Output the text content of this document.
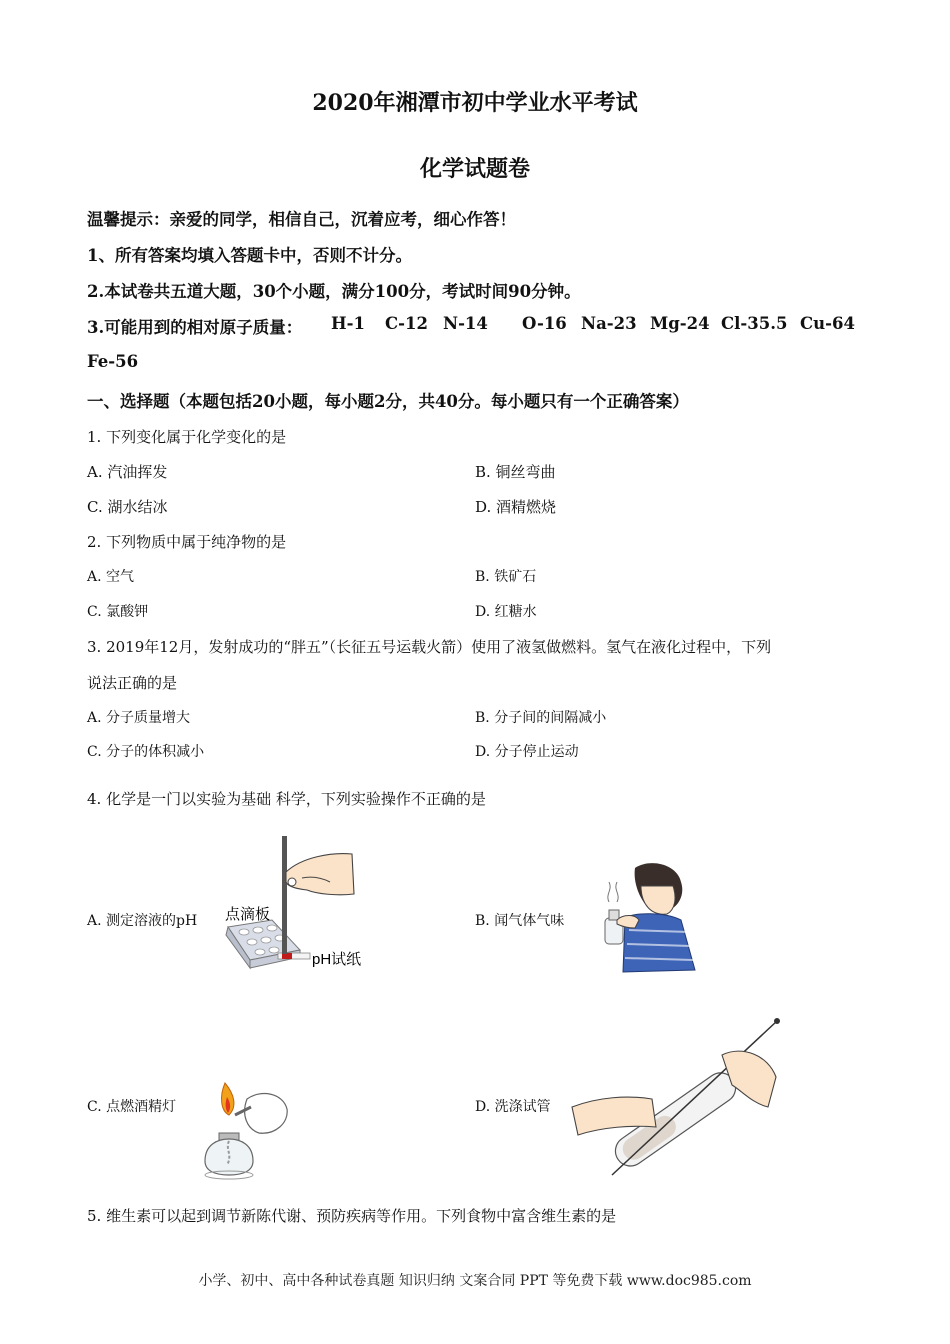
2020年湘潭市初中学业水平考试
化学试题卷
温馨提示：亲爱的同学，相信自己，沉着应考，细心作答！
1、所有答案均填入答题卡中，否则不计分。
2.本试卷共五道大题，30个小题，满分100分，考试时间90分钟。
3.可能用到的相对原子质量： H-1 C-12 N-14 O-16 Na-23 Mg-24 Cl-35.5 Cu-64
Fe-56
一、选择题（本题包括20小题，每小题2分，共40分。每小题只有一个正确答案）
1. 下列变化属于化学变化的是
A. 汽油挥发	B. 铜丝弯曲
C. 湖水结冰	D. 酒精燃烧
2. 下列物质中属于纯净物的是
A. 空气	B. 铁矿石
C. 氯酸钾	D. 红糖水
3. 2019年12月，发射成功的“胖五”（长征五号运载火箭）使用了液氢做燃料。氢气在液化过程中，下列
说法正确的是
A. 分子质量增大	B. 分子间的间隔减小
C. 分子的体积减小	D. 分子停止运动
4. 化学是一门以实验为基础 科学，下列实验操作不正确的是
A. 测定溶液的pH	B. 闻气体气味
C. 点燃酒精灯	D. 洗涤试管
点滴板
pH试纸
5. 维生素可以起到调节新陈代谢、预防疾病等作用。下列食物中富含维生素的是
小学、初中、高中各种试卷真题 知识归纳 文案合同 PPT 等免费下载 www.doc985.com
